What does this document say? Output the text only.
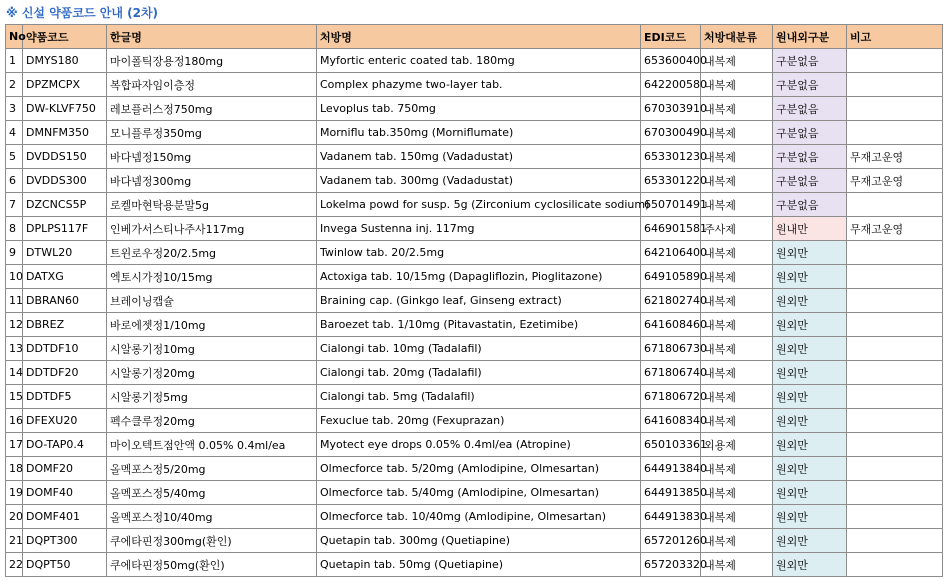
※ 신설 약품코드 안내 (2차)
No	약품코드	한글명	처방명	EDI코드	처방대분류	원내외구분	비고
1	DMYS180	마이폴틱장용정180mg	Myfortic enteric coated tab. 180mg	653600400	내복제	구분없음	
2	DPZMCPX	복합파자임이층정	Complex phazyme two-layer tab.	642200580	내복제	구분없음	
3	DW-KLVF750	레보플러스정750mg	Levoplus tab. 750mg	670303910	내복제	구분없음	
4	DMNFM350	모니플루정350mg	Morniflu tab.350mg (Morniflumate)	670300490	내복제	구분없음	
5	DVDDS150	바다넴정150mg	Vadanem tab. 150mg (Vadadustat)	653301230	내복제	구분없음	무재고운영
6	DVDDS300	바다넴정300mg	Vadanem tab. 300mg (Vadadustat)	653301220	내복제	구분없음	무재고운영
7	DZCNCS5P	로켈마현탁용분말5g	Lokelma powd for susp. 5g (Zirconium cyclosilicate sodium)	650701491	내복제	구분없음	
8	DPLPS117F	인베가서스티나주사117mg	Invega Sustenna inj. 117mg	646901581	주사제	원내만	무재고운영
9	DTWL20	트윈로우정20/2.5mg	Twinlow tab. 20/2.5mg	642106400	내복제	원외만	
10	DATXG	엑토시가정10/15mg	Actoxiga tab. 10/15mg (Dapagliflozin, Pioglitazone)	649105890	내복제	원외만	
11	DBRAN60	브레이닝캡슐	Braining cap. (Ginkgo leaf, Ginseng extract)	621802740	내복제	원외만	
12	DBREZ	바로에젯정1/10mg	Baroezet tab. 1/10mg (Pitavastatin, Ezetimibe)	641608460	내복제	원외만	
13	DDTDF10	시알롱기정10mg	Cialongi tab. 10mg (Tadalafil)	671806730	내복제	원외만	
14	DDTDF20	시알롱기정20mg	Cialongi tab. 20mg (Tadalafil)	671806740	내복제	원외만	
15	DDTDF5	시알롱기정5mg	Cialongi tab. 5mg (Tadalafil)	671806720	내복제	원외만	
16	DFEXU20	펙수클루정20mg	Fexuclue tab. 20mg (Fexuprazan)	641608340	내복제	원외만	
17	DO-TAP0.4	마이오텍트점안액 0.05% 0.4ml/ea	Myotect eye drops 0.05% 0.4ml/ea (Atropine)	650103361	외용제	원외만	
18	DOMF20	올멕포스정5/20mg	Olmecforce tab. 5/20mg (Amlodipine, Olmesartan)	644913840	내복제	원외만	
19	DOMF40	올멕포스정5/40mg	Olmecforce tab. 5/40mg (Amlodipine, Olmesartan)	644913850	내복제	원외만	
20	DOMF401	올멕포스정10/40mg	Olmecforce tab. 10/40mg (Amlodipine, Olmesartan)	644913830	내복제	원외만	
21	DQPT300	쿠에타핀정300mg(환인)	Quetapin tab. 300mg (Quetiapine)	657201260	내복제	원외만	
22	DQPT50	쿠에타핀정50mg(환인)	Quetapin tab. 50mg (Quetiapine)	657203320	내복제	원외만	
